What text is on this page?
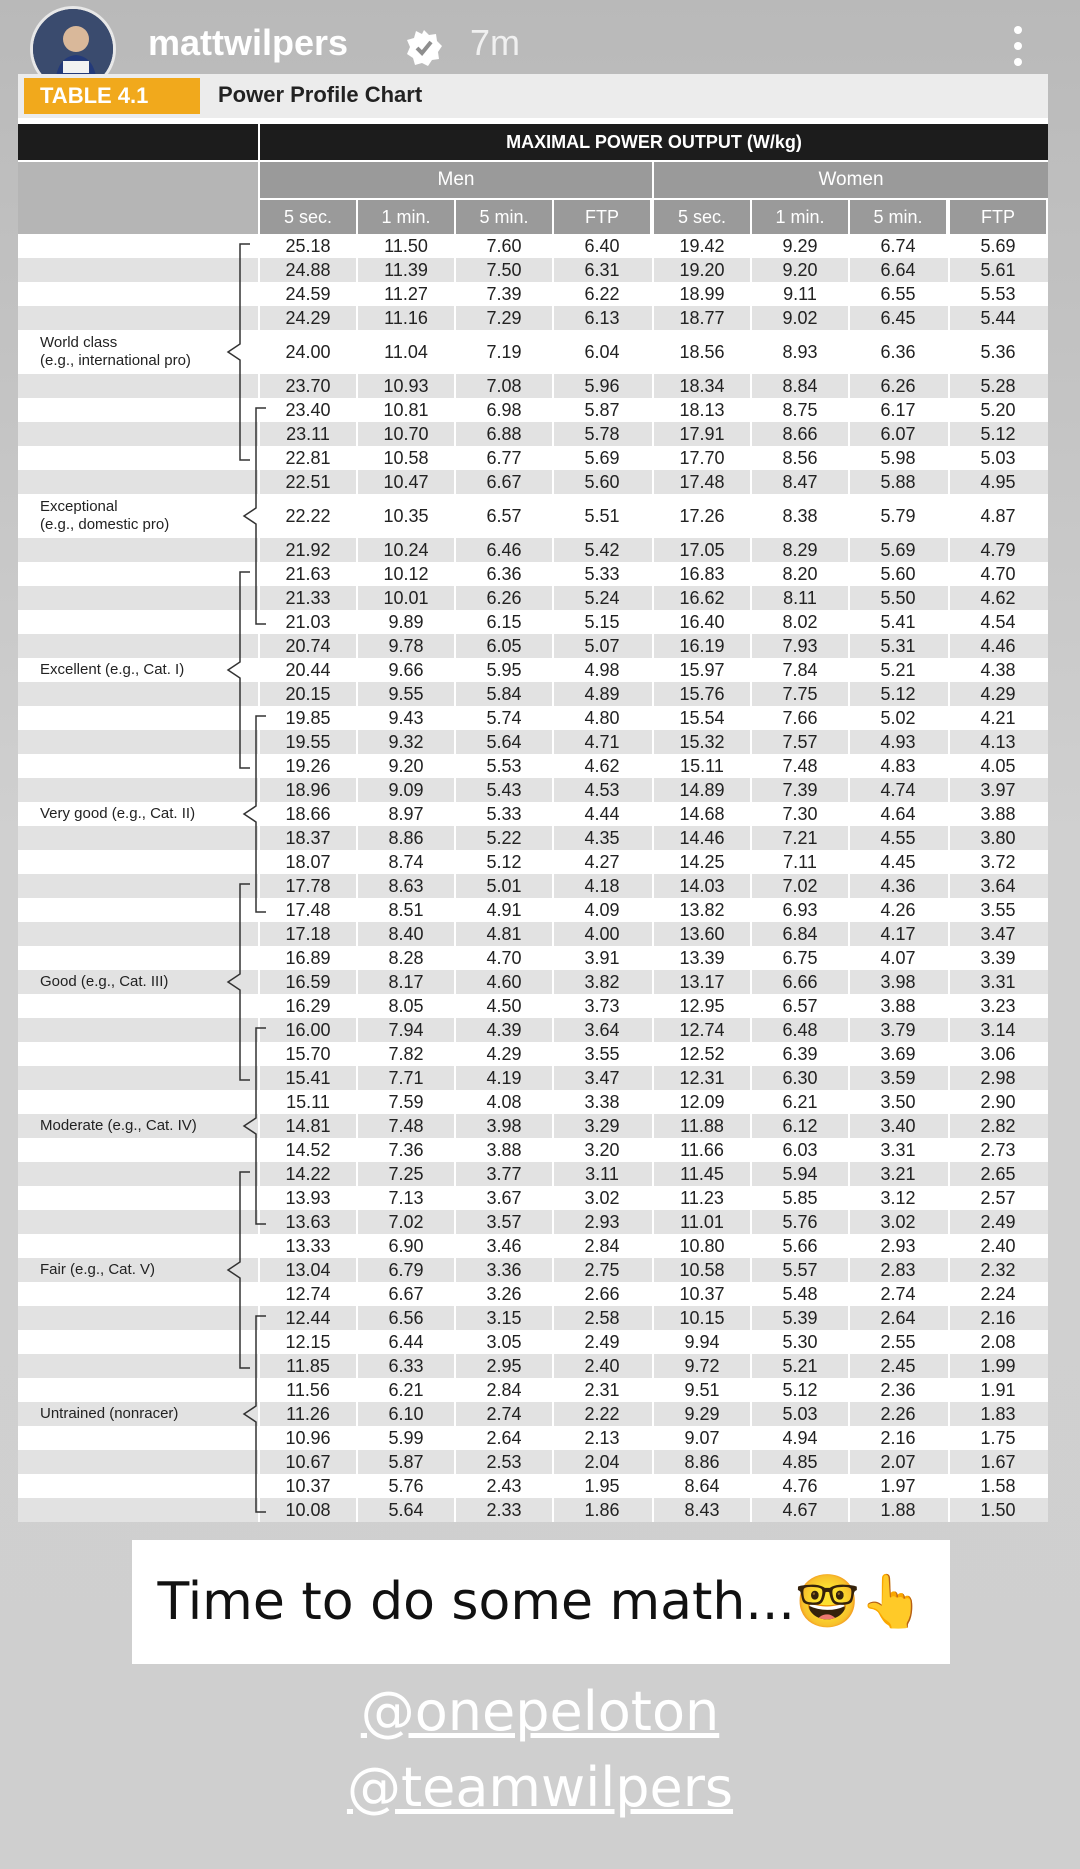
mattwilpers	7m
TABLE 4.1	Power Profile Chart
MAXIMAL POWER OUTPUT (W/kg)
Men	Women
5 sec.	1 min.	5 min.	FTP	5 sec.	1 min.	5 min.	FTP
25.18	11.50	7.60	6.40	19.42	9.29	6.74	5.69
24.88	11.39	7.50	6.31	19.20	9.20	6.64	5.61
24.59	11.27	7.39	6.22	18.99	9.11	6.55	5.53
24.29	11.16	7.29	6.13	18.77	9.02	6.45	5.44
24.00	11.04	7.19	6.04	18.56	8.93	6.36	5.36
23.70	10.93	7.08	5.96	18.34	8.84	6.26	5.28
23.40	10.81	6.98	5.87	18.13	8.75	6.17	5.20
23.11	10.70	6.88	5.78	17.91	8.66	6.07	5.12
22.81	10.58	6.77	5.69	17.70	8.56	5.98	5.03
22.51	10.47	6.67	5.60	17.48	8.47	5.88	4.95
22.22	10.35	6.57	5.51	17.26	8.38	5.79	4.87
21.92	10.24	6.46	5.42	17.05	8.29	5.69	4.79
21.63	10.12	6.36	5.33	16.83	8.20	5.60	4.70
21.33	10.01	6.26	5.24	16.62	8.11	5.50	4.62
21.03	9.89	6.15	5.15	16.40	8.02	5.41	4.54
20.74	9.78	6.05	5.07	16.19	7.93	5.31	4.46
20.44	9.66	5.95	4.98	15.97	7.84	5.21	4.38
20.15	9.55	5.84	4.89	15.76	7.75	5.12	4.29
19.85	9.43	5.74	4.80	15.54	7.66	5.02	4.21
19.55	9.32	5.64	4.71	15.32	7.57	4.93	4.13
19.26	9.20	5.53	4.62	15.11	7.48	4.83	4.05
18.96	9.09	5.43	4.53	14.89	7.39	4.74	3.97
18.66	8.97	5.33	4.44	14.68	7.30	4.64	3.88
18.37	8.86	5.22	4.35	14.46	7.21	4.55	3.80
18.07	8.74	5.12	4.27	14.25	7.11	4.45	3.72
17.78	8.63	5.01	4.18	14.03	7.02	4.36	3.64
17.48	8.51	4.91	4.09	13.82	6.93	4.26	3.55
17.18	8.40	4.81	4.00	13.60	6.84	4.17	3.47
16.89	8.28	4.70	3.91	13.39	6.75	4.07	3.39
16.59	8.17	4.60	3.82	13.17	6.66	3.98	3.31
16.29	8.05	4.50	3.73	12.95	6.57	3.88	3.23
16.00	7.94	4.39	3.64	12.74	6.48	3.79	3.14
15.70	7.82	4.29	3.55	12.52	6.39	3.69	3.06
15.41	7.71	4.19	3.47	12.31	6.30	3.59	2.98
15.11	7.59	4.08	3.38	12.09	6.21	3.50	2.90
14.81	7.48	3.98	3.29	11.88	6.12	3.40	2.82
14.52	7.36	3.88	3.20	11.66	6.03	3.31	2.73
14.22	7.25	3.77	3.11	11.45	5.94	3.21	2.65
13.93	7.13	3.67	3.02	11.23	5.85	3.12	2.57
13.63	7.02	3.57	2.93	11.01	5.76	3.02	2.49
13.33	6.90	3.46	2.84	10.80	5.66	2.93	2.40
13.04	6.79	3.36	2.75	10.58	5.57	2.83	2.32
12.74	6.67	3.26	2.66	10.37	5.48	2.74	2.24
12.44	6.56	3.15	2.58	10.15	5.39	2.64	2.16
12.15	6.44	3.05	2.49	9.94	5.30	2.55	2.08
11.85	6.33	2.95	2.40	9.72	5.21	2.45	1.99
11.56	6.21	2.84	2.31	9.51	5.12	2.36	1.91
11.26	6.10	2.74	2.22	9.29	5.03	2.26	1.83
10.96	5.99	2.64	2.13	9.07	4.94	2.16	1.75
10.67	5.87	2.53	2.04	8.86	4.85	2.07	1.67
10.37	5.76	2.43	1.95	8.64	4.76	1.97	1.58
10.08	5.64	2.33	1.86	8.43	4.67	1.88	1.50
World class
(e.g., international pro)
Exceptional
(e.g., domestic pro)
Excellent (e.g., Cat. I)
Very good (e.g., Cat. II)
Good (e.g., Cat. III)
Moderate (e.g., Cat. IV)
Fair (e.g., Cat. V)
Untrained (nonracer)
Time to do some math...🤓👆
@onepeloton
@teamwilpers
